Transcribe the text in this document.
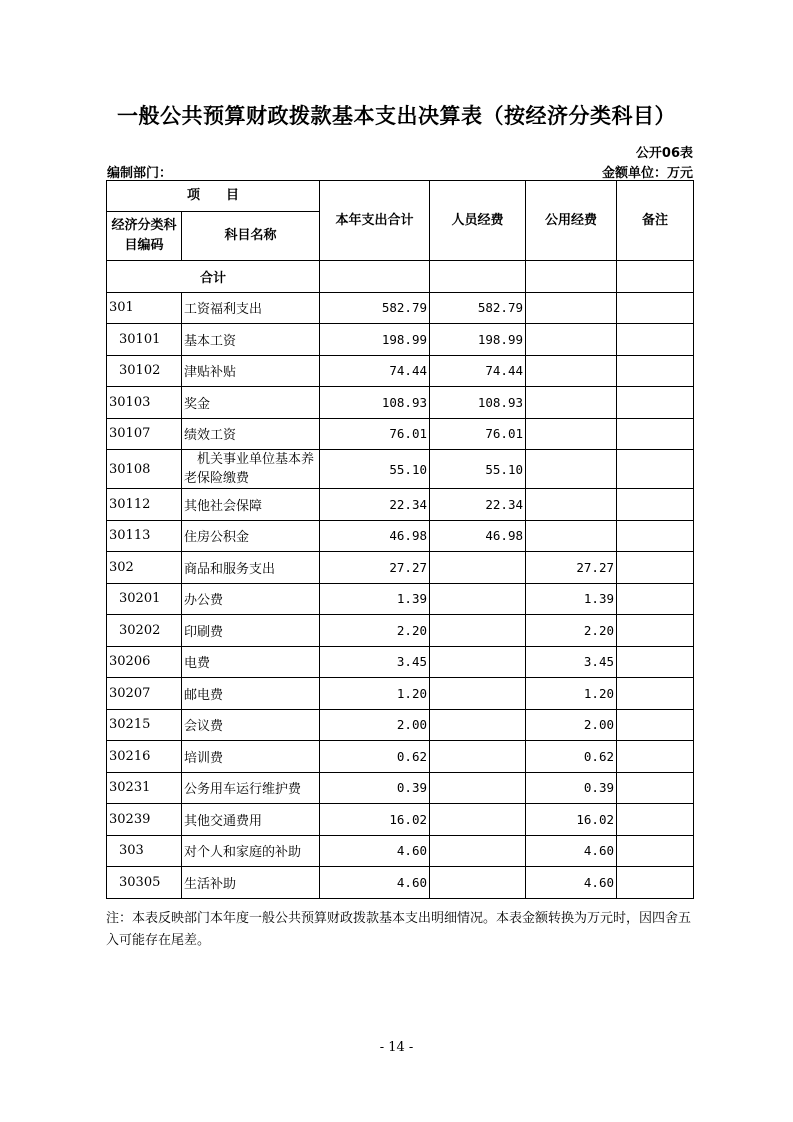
一般公共预算财政拨款基本支出决算表（按经济分类科目）
公开06表
编制部门：	金额单位：万元
项　　目		本年支出合计	人员经费	公用经费	备注
经济分类科目编码	科目名称				
合计					
301	工资福利支出	582.79	582.79		
30101	基本工资	198.99	198.99		
30102	津贴补贴	74.44	74.44		
30103	奖金	108.93	108.93		
30107	绩效工资	76.01	76.01		
30108	　机关事业单位基本养老保险缴费	55.10	55.10		
30112	其他社会保障	22.34	22.34		
30113	住房公积金	46.98	46.98		
302	商品和服务支出	27.27		27.27	
30201	办公费	1.39		1.39	
30202	印刷费	2.20		2.20	
30206	电费	3.45		3.45	
30207	邮电费	1.20		1.20	
30215	会议费	2.00		2.00	
30216	培训费	0.62		0.62	
30231	公务用车运行维护费	0.39		0.39	
30239	其他交通费用	16.02		16.02	
303	对个人和家庭的补助	4.60		4.60	
30305	生活补助	4.60		4.60	
注：本表反映部门本年度一般公共预算财政拨款基本支出明细情况。本表金额转换为万元时，因四舍五入可能存在尾差。
- 14 -
